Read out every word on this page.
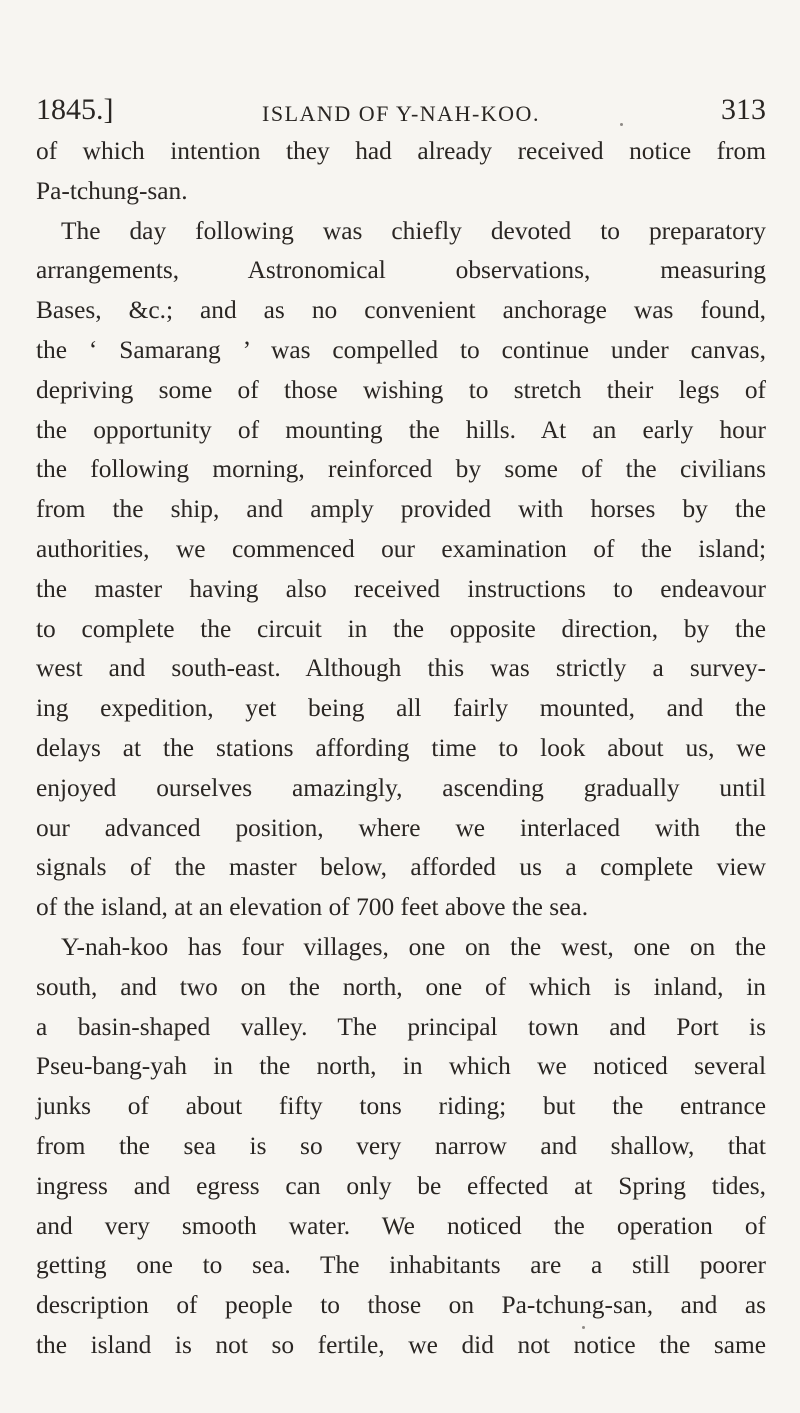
1845.]	ISLAND OF Y-NAH-KOO.	313
of which intention they had already received notice from
Pa-tchung-san.
The day following was chiefly devoted to preparatory
arrangements, Astronomical observations, measuring
Bases, &c.; and as no convenient anchorage was found,
the ‘ Samarang ’ was compelled to continue under canvas,
depriving some of those wishing to stretch their legs of
the opportunity of mounting the hills. At an early hour
the following morning, reinforced by some of the civilians
from the ship, and amply provided with horses by the
authorities, we commenced our examination of the island;
the master having also received instructions to endeavour
to complete the circuit in the opposite direction, by the
west and south-east. Although this was strictly a survey-
ing expedition, yet being all fairly mounted, and the
delays at the stations affording time to look about us, we
enjoyed ourselves amazingly, ascending gradually until
our advanced position, where we interlaced with the
signals of the master below, afforded us a complete view
of the island, at an elevation of 700 feet above the sea.
Y-nah-koo has four villages, one on the west, one on the
south, and two on the north, one of which is inland, in
a basin-shaped valley. The principal town and Port is
Pseu-bang-yah in the north, in which we noticed several
junks of about fifty tons riding; but the entrance
from the sea is so very narrow and shallow, that
ingress and egress can only be effected at Spring tides,
and very smooth water. We noticed the operation of
getting one to sea. The inhabitants are a still poorer
description of people to those on Pa-tchung-san, and as
the island is not so fertile, we did not notice the same
